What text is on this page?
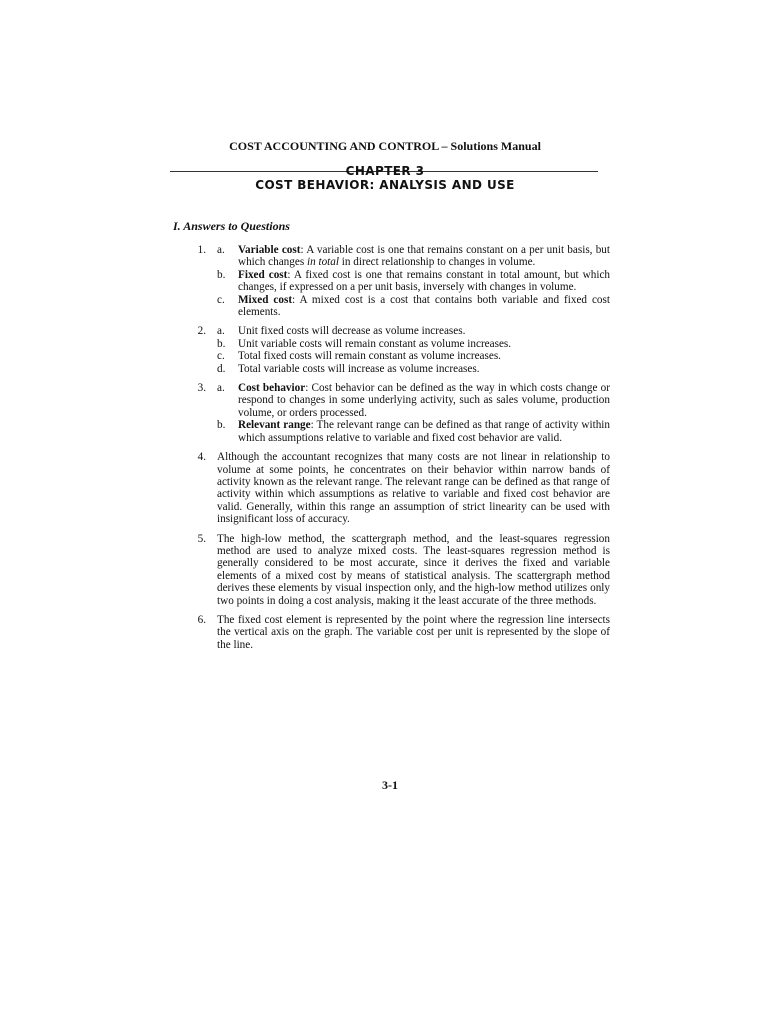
COST ACCOUNTING AND CONTROL – Solutions Manual
CHAPTER 3
COST BEHAVIOR: ANALYSIS AND USE
I. Answers to Questions
1. a. Variable cost: A variable cost is one that remains constant on a per unit basis, but which changes in total in direct relationship to changes in volume.
b. Fixed cost: A fixed cost is one that remains constant in total amount, but which changes, if expressed on a per unit basis, inversely with changes in volume.
c. Mixed cost: A mixed cost is a cost that contains both variable and fixed cost elements.
2. a. Unit fixed costs will decrease as volume increases.
b. Unit variable costs will remain constant as volume increases.
c. Total fixed costs will remain constant as volume increases.
d. Total variable costs will increase as volume increases.
3. a. Cost behavior: Cost behavior can be defined as the way in which costs change or respond to changes in some underlying activity, such as sales volume, production volume, or orders processed.
b. Relevant range: The relevant range can be defined as that range of activity within which assumptions relative to variable and fixed cost behavior are valid.
4. Although the accountant recognizes that many costs are not linear in relationship to volume at some points, he concentrates on their behavior within narrow bands of activity known as the relevant range. The relevant range can be defined as that range of activity within which assumptions as relative to variable and fixed cost behavior are valid. Generally, within this range an assumption of strict linearity can be used with insignificant loss of accuracy.
5. The high-low method, the scattergraph method, and the least-squares regression method are used to analyze mixed costs. The least-squares regression method is generally considered to be most accurate, since it derives the fixed and variable elements of a mixed cost by means of statistical analysis. The scattergraph method derives these elements by visual inspection only, and the high-low method utilizes only two points in doing a cost analysis, making it the least accurate of the three methods.
6. The fixed cost element is represented by the point where the regression line intersects the vertical axis on the graph. The variable cost per unit is represented by the slope of the line.
3-1
